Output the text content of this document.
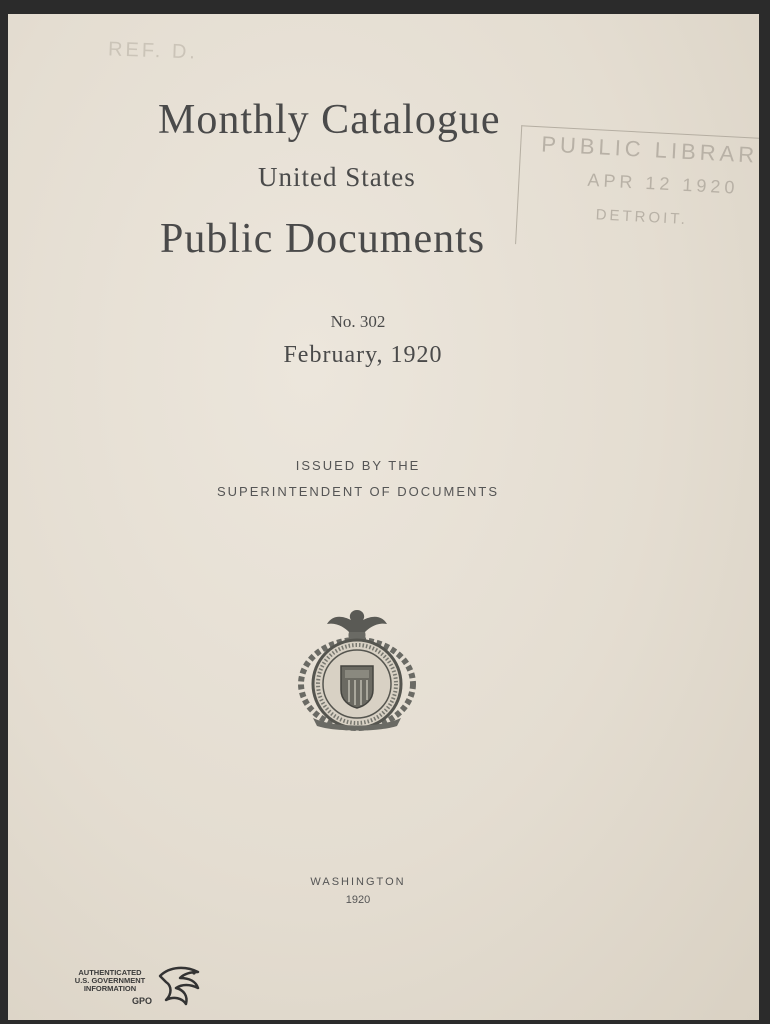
REF. D.
Monthly Catalogue
United States
Public Documents
PUBLIC LIBRAR
APR 12 1920
DETROIT.
No. 302
February, 1920
ISSUED BY THE
SUPERINTENDENT OF DOCUMENTS
WASHINGTON
1920
AUTHENTICATED
U.S. GOVERNMENT
INFORMATION
GPO
